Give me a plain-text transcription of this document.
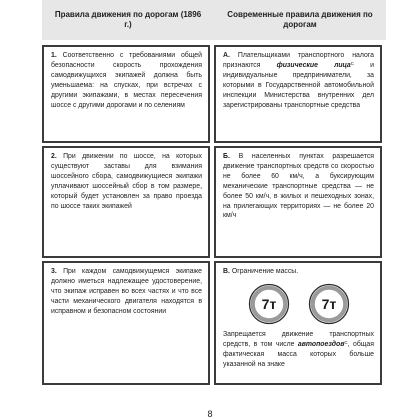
Правила движения по дорогам (1896 г.)
1. Соответственно с требованиями общей безопасности скорость прохождения самодвижущихся экипажей должна быть уменьшаема: на спусках, при встречах с другими экипажами, в местах пересечения шоссе с другими дорогами и по селениям
2. При движении по шоссе, на которых существуют заставы для взимания шоссейного сбора, самодвижущиеся экипажи уплачивают шоссейный сбор в том размере, который будет установлен за право проезда по шоссе таких экипажей
3. При каждом самодвижущемся экипаже должно иметься надлежащее удостоверение, что экипаж исправен во всех частях и что все части механического двигателя находятся в исправном и безопасном состоянии
Современные правила движения по дорогам
А. Плательщиками транспортного налога признаются физические лица$^С$ и индивидуальные предприниматели, за которыми в Государственной автомобильной инспекции Министерства внутренних дел зарегистрированы транспортные средства
Б. В населенных пунктах разрешается движение транспортных средств со скоростью не более 60 км/ч, а буксирующим механические транспортные средства — не более 50 км/ч, в жилых и пешеходных зонах, на прилегающих территориях — не более 20 км/ч
В. Ограничение массы.
7т	7т
Запрещается движение транспортных средств, в том числе автопоездов$^С$, общая фактическая масса которых больше указанной на знаке
8
